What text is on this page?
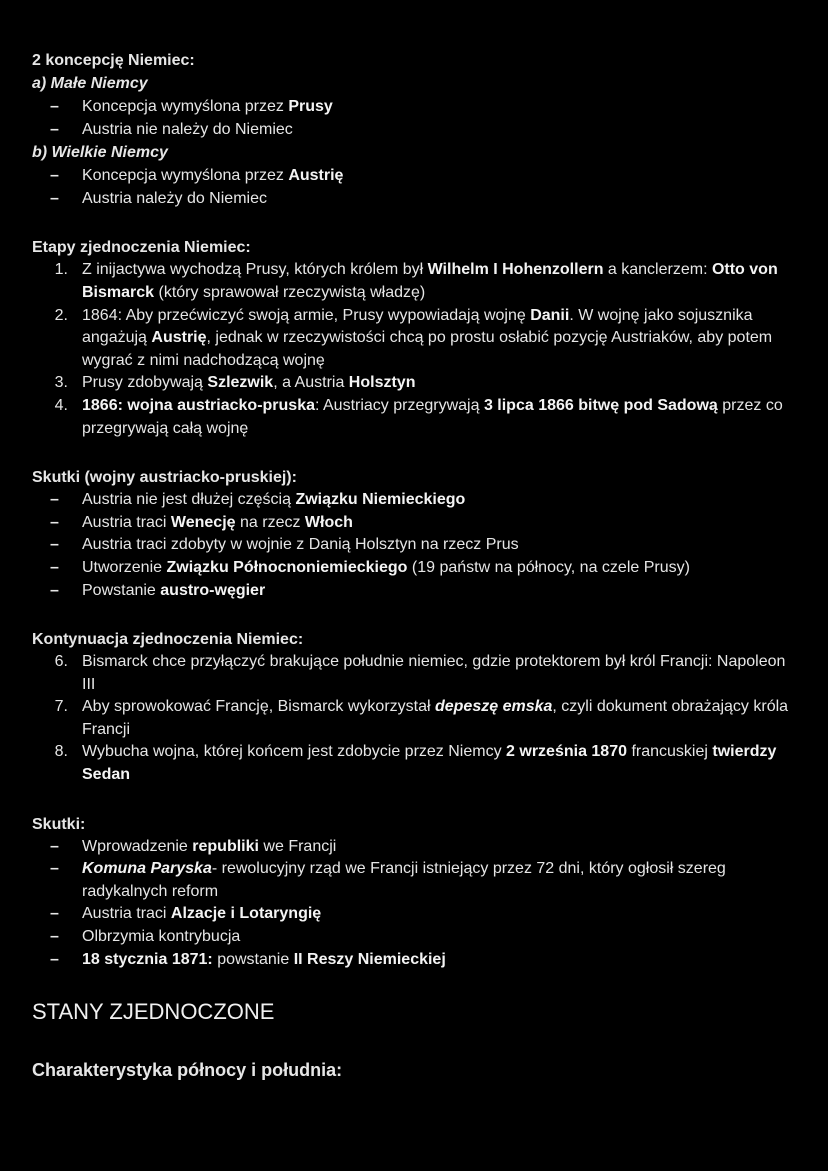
2 koncepcję Niemiec:
a) Małe Niemcy
–	Koncepcja wymyślona przez Prusy
–	Austria nie należy do Niemiec
b) Wielkie Niemcy
–	Koncepcja wymyślona przez Austrię
–	Austria należy do Niemiec
Etapy zjednoczenia Niemiec:
1. Z inijactywa wychodzą Prusy, których królem był Wilhelm I Hohenzollern a kanclerzem: Otto von Bismarck (który sprawował rzeczywistą władzę)
2. 1864: Aby przećwiczyć swoją armie, Prusy wypowiadają wojnę Danii. W wojnę jako sojusznika angażują Austrię, jednak w rzeczywistości chcą po prostu osłabić pozycję Austriaków, aby potem wygrać z nimi nadchodzącą wojnę
3. Prusy zdobywają Szlezwik, a Austria Holsztyn
4. 1866: wojna austriacko-pruska: Austriacy przegrywają 3 lipca 1866 bitwę pod Sadową przez co przegrywają całą wojnę
Skutki (wojny austriacko-pruskiej):
–	Austria nie jest dłużej częścią Związku Niemieckiego
–	Austria traci Wenecję na rzecz Włoch
–	Austria traci zdobyty w wojnie z Danią Holsztyn na rzecz Prus
–	Utworzenie Związku Północnoniemieckiego (19 państw na północy, na czele Prusy)
–	Powstanie austro-węgier
Kontynuacja zjednoczenia Niemiec:
6. Bismarck chce przyłączyć brakujące południe niemiec, gdzie protektorem był król Francji: Napoleon III
7. Aby sprowokować Francję, Bismarck wykorzystał depeszę emska, czyli dokument obrażający króla Francji
8. Wybucha wojna, której końcem jest zdobycie przez Niemcy 2 września 1870 francuskiej twierdzy Sedan
Skutki:
–	Wprowadzenie republiki we Francji
–	Komuna Paryska- rewolucyjny rząd we Francji istniejący przez 72 dni, który ogłosił szereg radykalnych reform
–	Austria traci Alzacje i Lotaryngię
–	Olbrzymia kontrybucja
–	18 stycznia 1871: powstanie II Reszy Niemieckiej
STANY ZJEDNOCZONE
Charakterystyka północy i południa:
